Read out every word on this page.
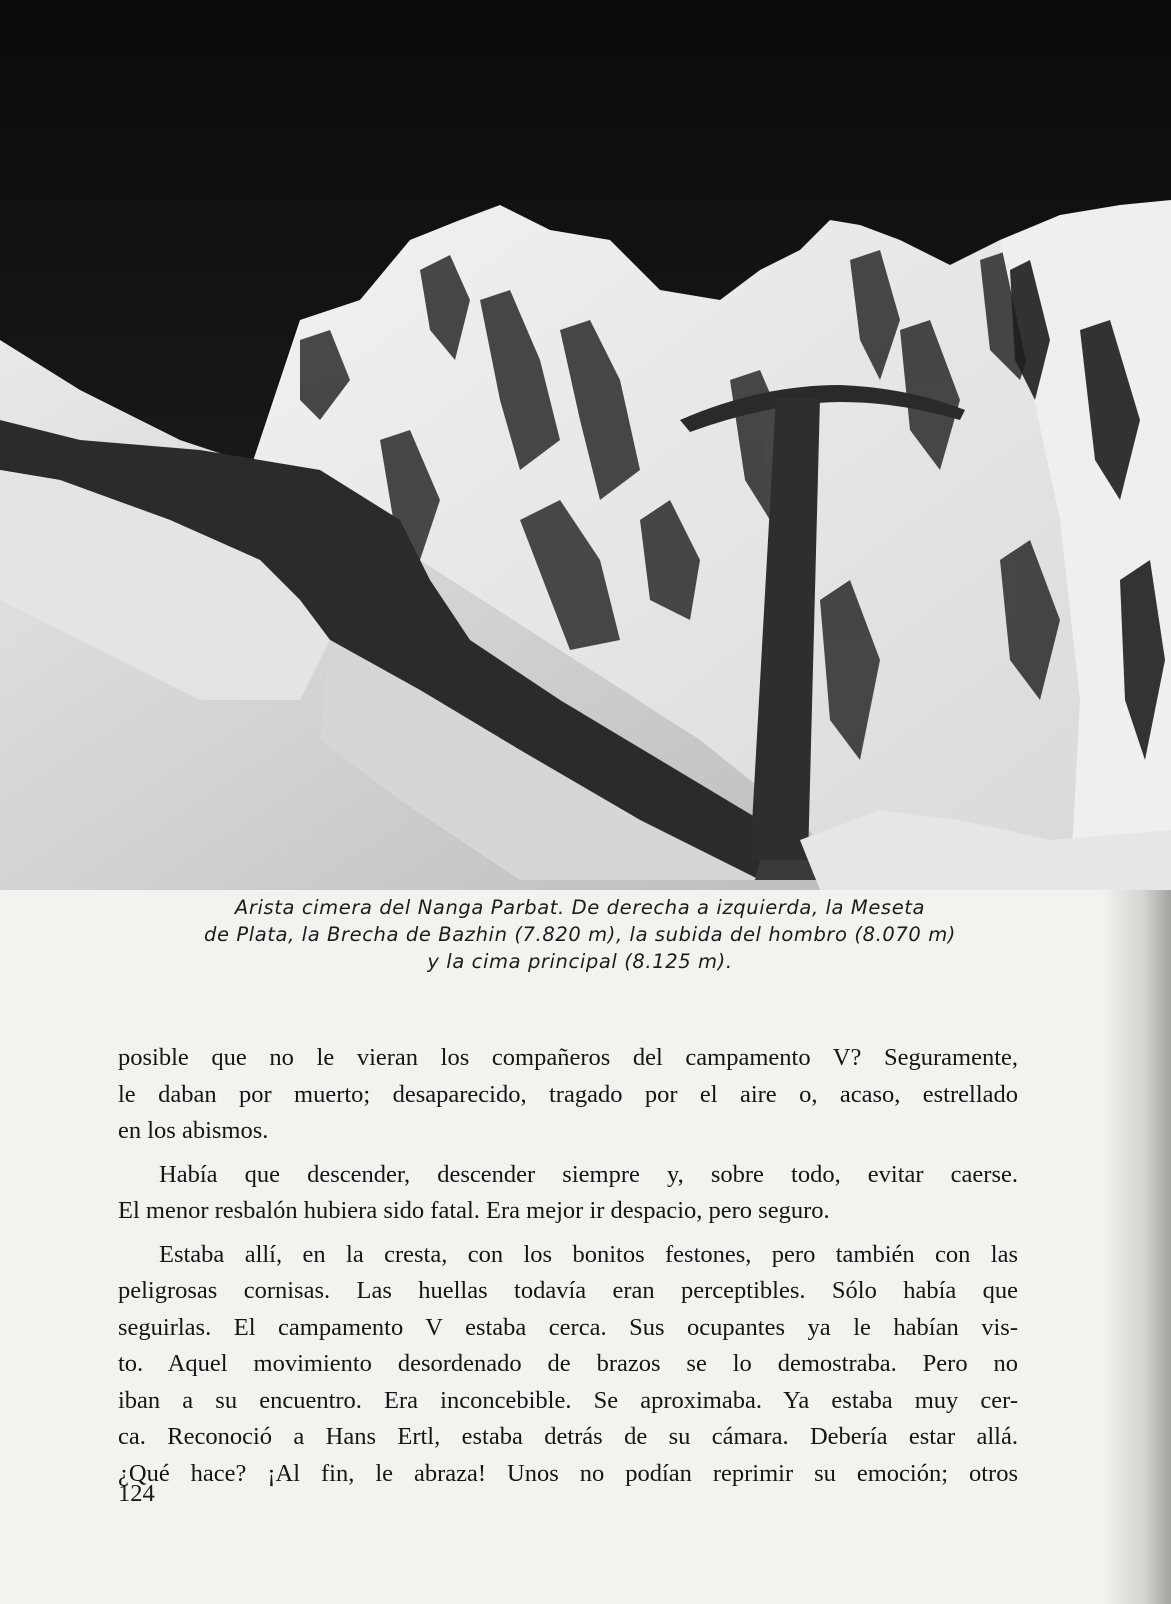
Arista cimera del Nanga Parbat. De derecha a izquierda, la Meseta
de Plata, la Brecha de Bazhin (7.820 m), la subida del hombro (8.070 m)
y la cima principal (8.125 m).

posible que no le vieran los compañeros del campamento V? Seguramente,
le daban por muerto; desaparecido, tragado por el aire o, acaso, estrellado
en los abismos.

Había que descender, descender siempre y, sobre todo, evitar caerse.
El menor resbalón hubiera sido fatal. Era mejor ir despacio, pero seguro.

Estaba allí, en la cresta, con los bonitos festones, pero también con las
peligrosas cornisas. Las huellas todavía eran perceptibles. Sólo había que
seguirlas. El campamento V estaba cerca. Sus ocupantes ya le habían vis-
to. Aquel movimiento desordenado de brazos se lo demostraba. Pero no
iban a su encuentro. Era inconcebible. Se aproximaba. Ya estaba muy cer-
ca. Reconoció a Hans Ertl, estaba detrás de su cámara. Debería estar allá.
¿Qué hace? ¡Al fin, le abraza! Unos no podían reprimir su emoción; otros

124
